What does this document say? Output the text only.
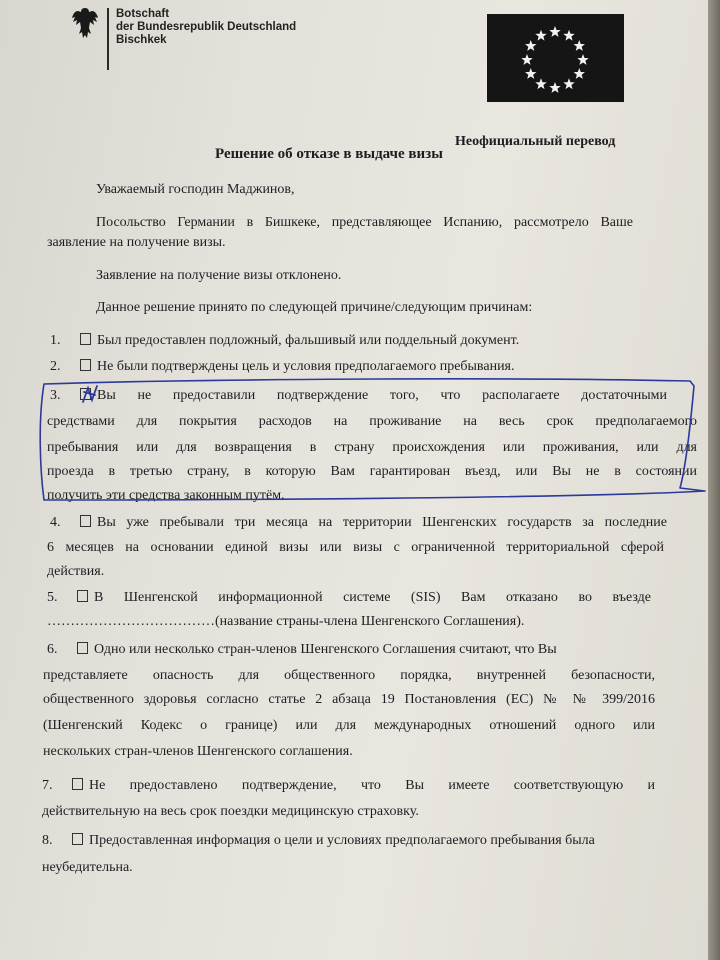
Botschaft
der Bundesrepublik Deutschland
Bischkek
Неофициальный перевод
Решение об отказе в выдаче визы
Уважаемый господин Маджинов,
Посольство Германии в Бишкеке, представляющее Испанию, рассмотрело Ваше
заявление на получение визы.
Заявление на получение визы отклонено.
Данное решение принято по следующей причине/следующим причинам:
1.	Был предоставлен подложный, фальшивый или поддельный документ.
2.	Не были подтверждены цель и условия предполагаемого пребывания.
3.	Вы не предоставили подтверждение того, что располагаете достаточными
средствами для покрытия расходов на проживание на весь срок предполагаемого
пребывания или для возвращения в страну происхождения или проживания, или для
проезда в третью страну, в которую Вам гарантирован въезд, или Вы не в состоянии
получить эти средства законным путём.
4.	Вы уже пребывали три месяца на территории Шенгенских государств за последние
6 месяцев на основании единой визы или визы с ограниченной территориальной сферой
действия.
5.	В Шенгенской информационной системе (SIS) Вам отказано во въезде
………………………………(название страны-члена Шенгенского Соглашения).
6.	Одно или несколько стран-членов Шенгенского Соглашения считают, что Вы
представляете опасность для общественного порядка, внутренней безопасности,
общественного здоровья согласно статье 2 абзаца 19 Постановления (ЕС) № № 399/2016
(Шенгенский Кодекс о границе) или для международных отношений одного или
нескольких стран-членов Шенгенского соглашения.
7.	Не предоставлено подтверждение, что Вы имеете соответствующую и
действительную на весь срок поездки медицинскую страховку.
8.	Предоставленная информация о цели и условиях предполагаемого пребывания была
неубедительна.
